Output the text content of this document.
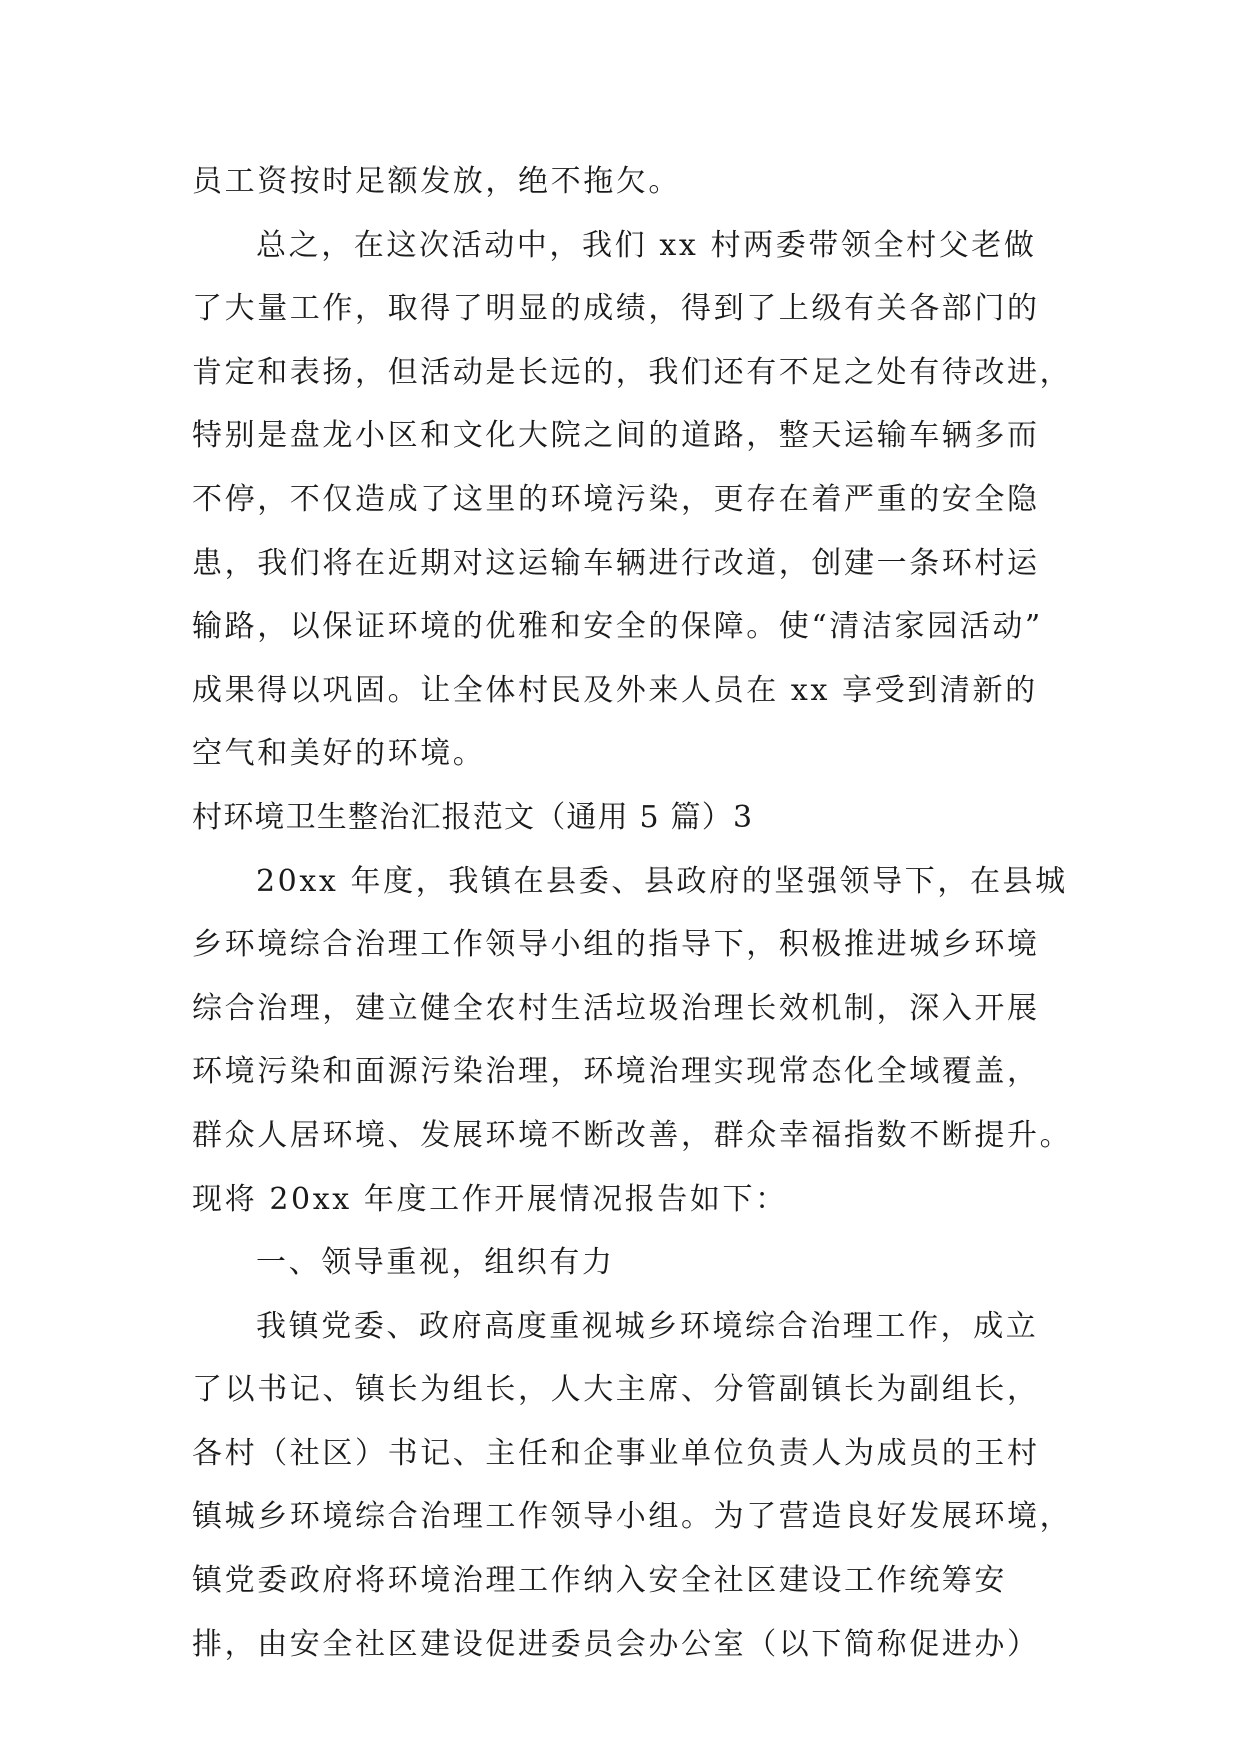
员工资按时足额发放，绝不拖欠。
总之，在这次活动中，我们 xx 村两委带领全村父老做
了大量工作，取得了明显的成绩，得到了上级有关各部门的
肯定和表扬，但活动是长远的，我们还有不足之处有待改进，
特别是盘龙小区和文化大院之间的道路，整天运输车辆多而
不停，不仅造成了这里的环境污染，更存在着严重的安全隐
患，我们将在近期对这运输车辆进行改道，创建一条环村运
输路，以保证环境的优雅和安全的保障。使“清洁家园活动”
成果得以巩固。让全体村民及外来人员在 xx 享受到清新的
空气和美好的环境。
村环境卫生整治汇报范文（通用 5 篇）3
20xx 年度，我镇在县委、县政府的坚强领导下，在县城
乡环境综合治理工作领导小组的指导下，积极推进城乡环境
综合治理，建立健全农村生活垃圾治理长效机制，深入开展
环境污染和面源污染治理，环境治理实现常态化全域覆盖，
群众人居环境、发展环境不断改善，群众幸福指数不断提升。
现将 20xx 年度工作开展情况报告如下：
一、领导重视，组织有力
我镇党委、政府高度重视城乡环境综合治理工作，成立
了以书记、镇长为组长，人大主席、分管副镇长为副组长，
各村（社区）书记、主任和企事业单位负责人为成员的王村
镇城乡环境综合治理工作领导小组。为了营造良好发展环境，
镇党委政府将环境治理工作纳入安全社区建设工作统筹安
排，由安全社区建设促进委员会办公室（以下简称促进办）
